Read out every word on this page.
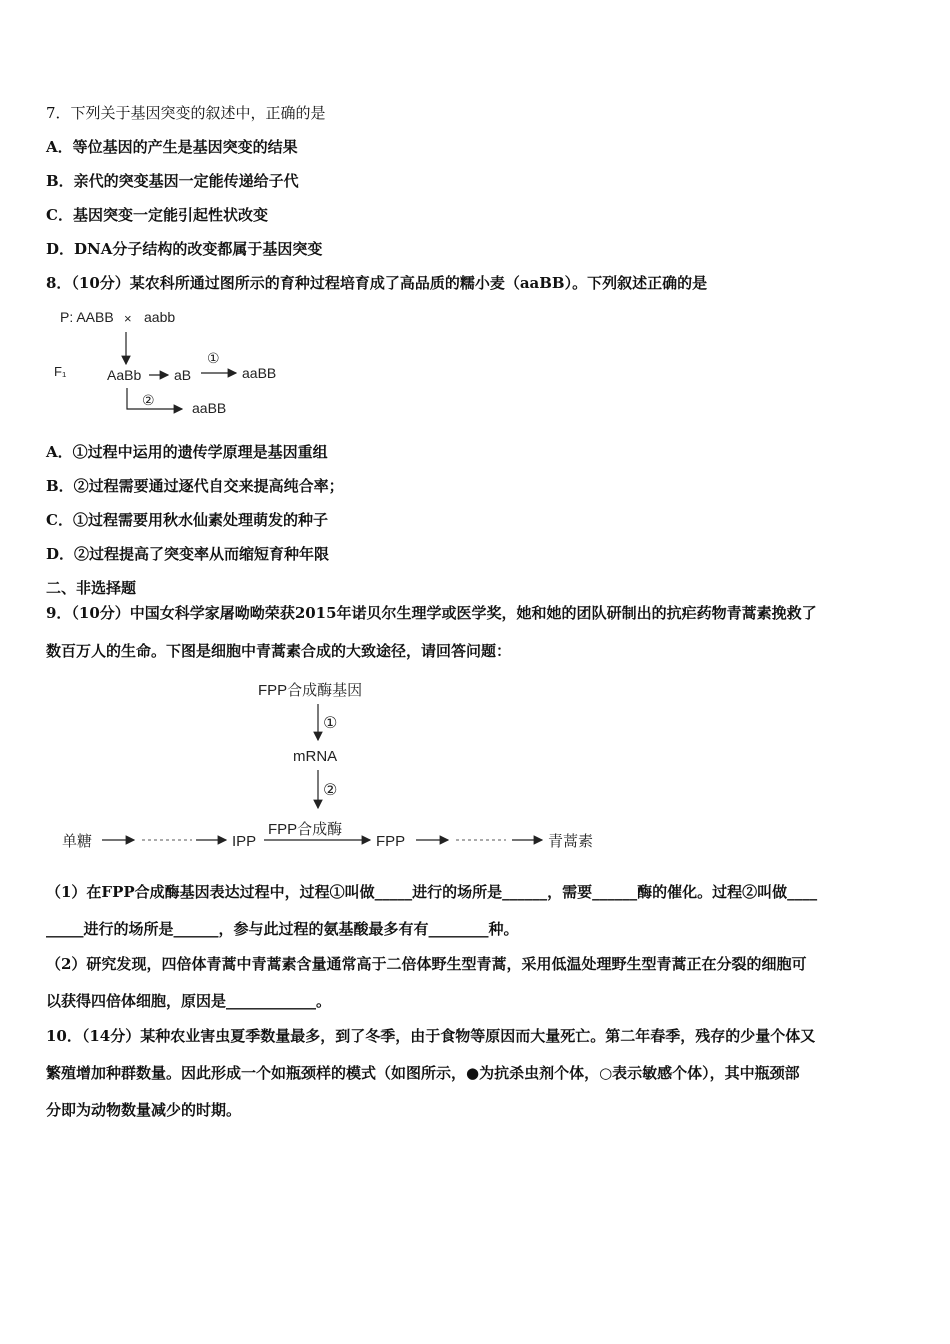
7．下列关于基因突变的叙述中，正确的是
A．等位基因的产生是基因突变的结果
B．亲代的突变基因一定能传递给子代
C．基因突变一定能引起性状改变
D．DNA分子结构的改变都属于基因突变
8．（10分）某农科所通过图所示的育种过程培育成了高品质的糯小麦（aaBB）。下列叙述正确的是
P: AABB × aabb
F₁	AaBb aB
①
aaBB
②	aaBB
A．①过程中运用的遗传学原理是基因重组
B．②过程需要通过逐代自交来提高纯合率；
C．①过程需要用秋水仙素处理萌发的种子
D．②过程提高了突变率从而缩短育种年限
二、非选择题
9．（10分）中国女科学家屠呦呦荣获2015年诺贝尔生理学或医学奖，她和她的团队研制出的抗疟药物青蒿素挽救了
数百万人的生命。下图是细胞中青蒿素合成的大致途径，请回答问题：
FPP合成酶基因
①
mRNA
②
FPP合成酶
单糖	IPP	FPP	青蒿素
（1）在FPP合成酶基因表达过程中，过程①叫做_____进行的场所是______，需要______酶的催化。过程②叫做____
_____进行的场所是______，参与此过程的氨基酸最多有有________种。
（2）研究发现，四倍体青蒿中青蒿素含量通常高于二倍体野生型青蒿，采用低温处理野生型青蒿正在分裂的细胞可
以获得四倍体细胞，原因是____________。
10．（14分）某种农业害虫夏季数量最多，到了冬季，由于食物等原因而大量死亡。第二年春季，残存的少量个体又
繁殖增加种群数量。因此形成一个如瓶颈样的模式（如图所示，●为抗杀虫剂个体，○表示敏感个体），其中瓶颈部
分即为动物数量减少的时期。
